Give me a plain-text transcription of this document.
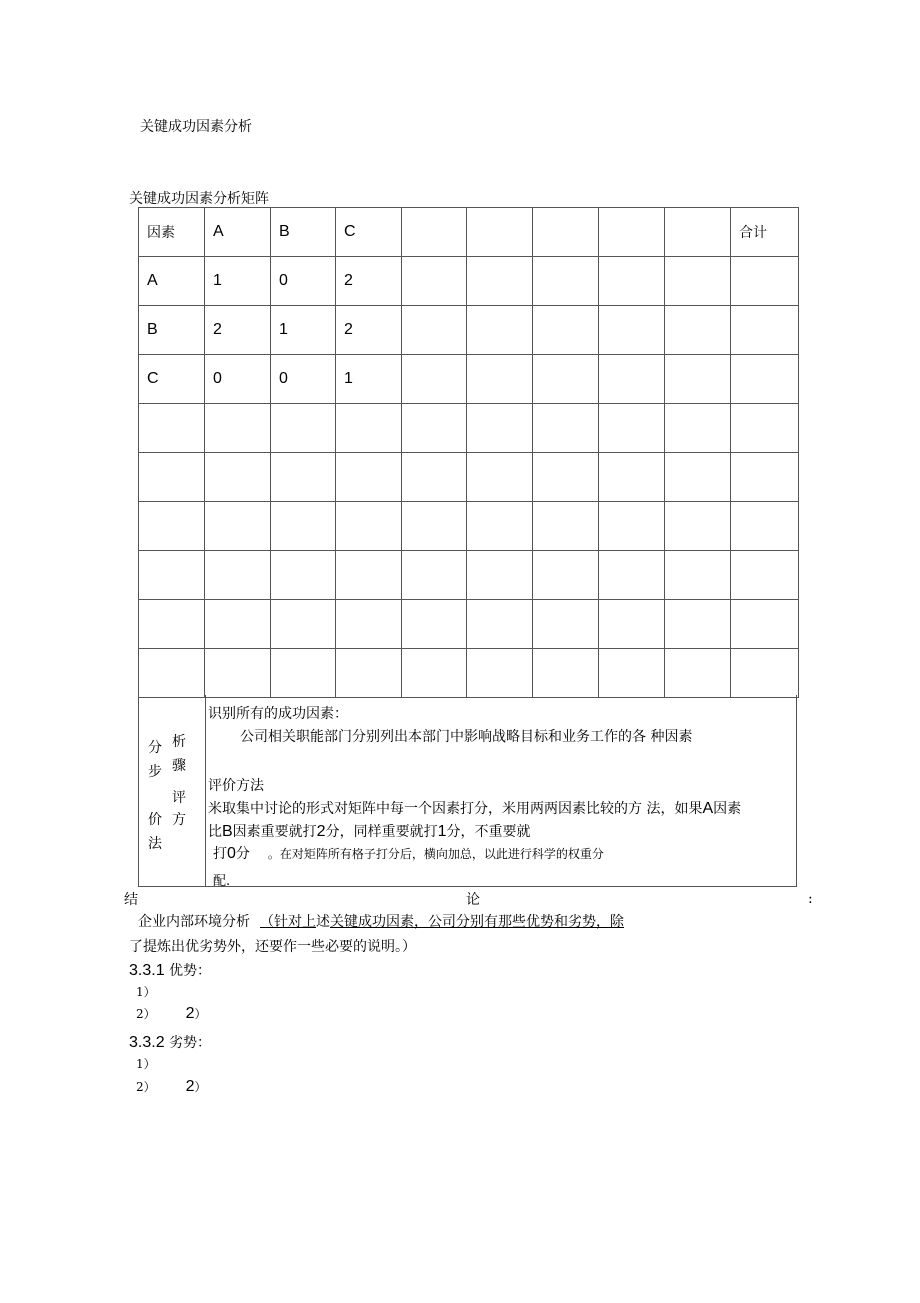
关键成功因素分析
关键成功因素分析矩阵
因素	A	B	C						合计
A	1	0	2						
B	2	1	2						
C	0	0	1						

分 析
步 骤
评
价 方
法
识别所有的成功因素：
公司相关职能部门分别列出本部门中影响战略目标和业务工作的各 种因素
评价方法
米取集中讨论的形式对矩阵中每一个因素打分，米用两两因素比较的方 法，如果A因素
比B因素重要就打2分，同样重要就打1分，不重要就
打0分 。在对矩阵所有格子打分后，横向加总，以此进行科学的权重分
配.
结	论	:
企业内部环境分析 （针对上述关键成功因素，公司分别有那些优势和劣势，除
了提炼出优劣势外，还要作一些必要的说明。）
3.3.1 优势：
1）
2） 2）
3.3.2 劣势：
1）
2） 2）
